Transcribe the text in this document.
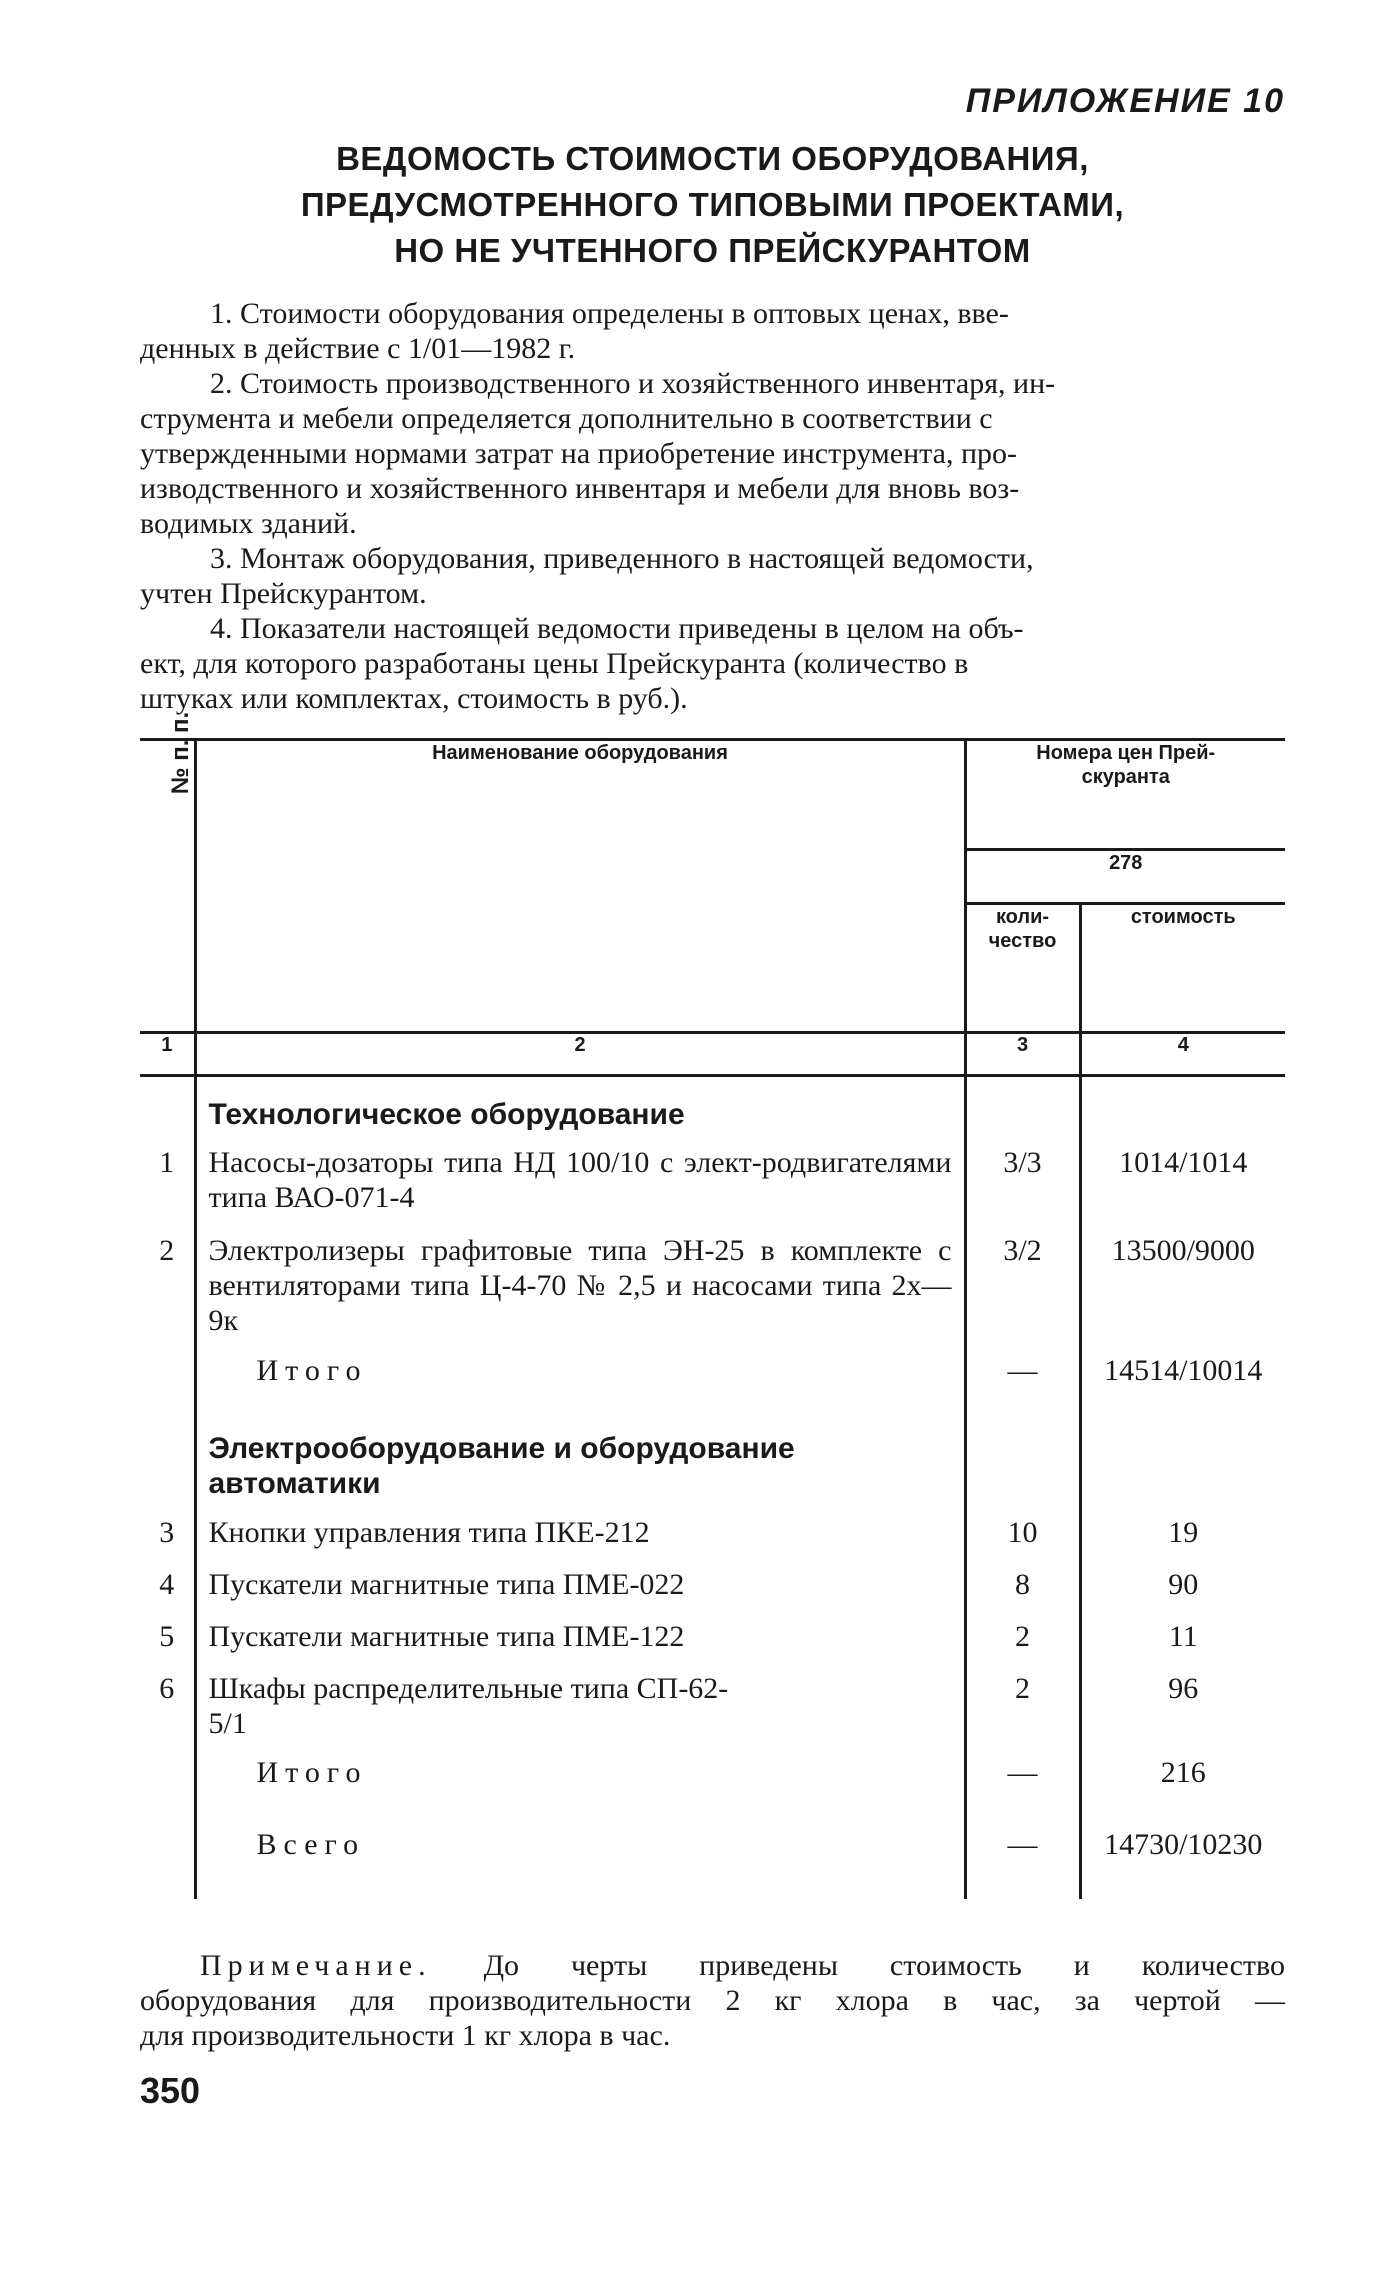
ПРИЛОЖЕНИЕ 10
ВЕДОМОСТЬ СТОИМОСТИ ОБОРУДОВАНИЯ,
ПРЕДУСМОТРЕННОГО ТИПОВЫМИ ПРОЕКТАМИ,
НО НЕ УЧТЕННОГО ПРЕЙСКУРАНТОМ
1. Стоимости оборудования определены в оптовых ценах, вве-
денных в действие с 1/01—1982 г.
2. Стоимость производственного и хозяйственного инвентаря, ин-
струмента и мебели определяется дополнительно в соответствии с
утвержденными нормами затрат на приобретение инструмента, про-
изводственного и хозяйственного инвентаря и мебели для вновь воз-
водимых зданий.
3. Монтаж оборудования, приведенного в настоящей ведомости,
учтен Прейскурантом.
4. Показатели настоящей ведомости приведены в целом на объ-
ект, для которого разработаны цены Прейскуранта (количество в
штуках или комплектах, стоимость в руб.).
№ п. п.	Наименование оборудования	Номера цен Прей-скуранта	
		278	
		коли-чество	стоимость
1	2	3	4

	Технологическое оборудование		
1	Насосы-дозаторы типа НД 100/10 с элект-родвигателями типа ВАО-071-4	3/3	1014/1014
2	Электролизеры графитовые типа ЭН-25 в комплекте с вентиляторами типа Ц-4-70 № 2,5 и насосами типа 2х—9к	3/2	13500/9000
	Итого	—	14514/10014

	Электрооборудование и оборудование автоматики		
3	Кнопки управления типа ПКЕ-212	10	19
4	Пускатели магнитные типа ПМЕ-022	8	90
5	Пускатели магнитные типа ПМЕ-122	2	11
6	Шкафы распределительные типа СП-62-5/1	2	96
	Итого	—	216
	Всего	—	14730/10230
Примечание. До черты приведены стоимость и количество
оборудования для производительности 2 кг хлора в час, за чертой —
для производительности 1 кг хлора в час.
350
